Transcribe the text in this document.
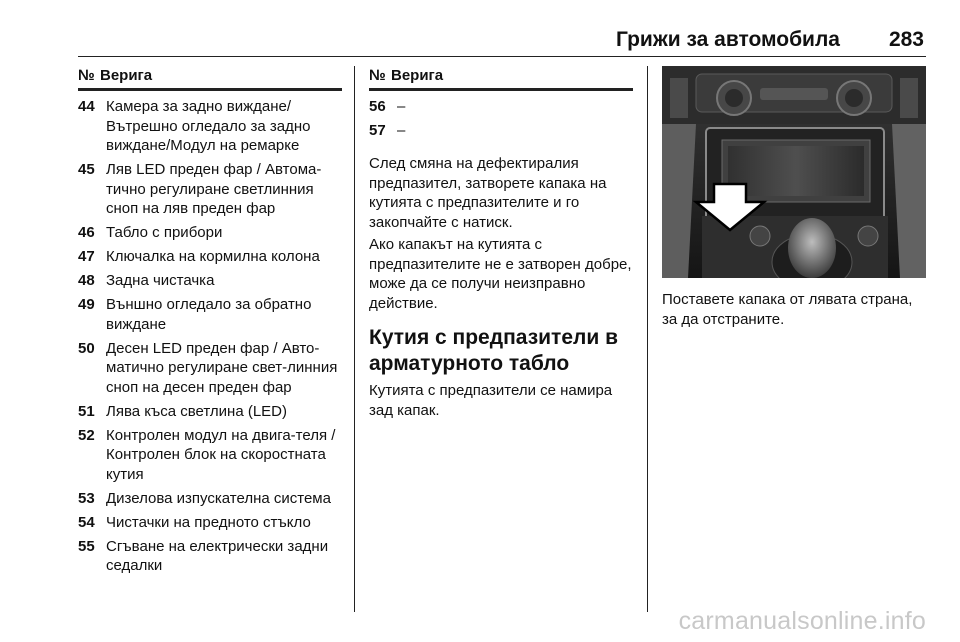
Грижи за автомобила 283
№ Верига
44 Камера за задно виждане/ Вътрешно огледало за задно виждане/Модул на ремарке
45 Ляв LED преден фар / Автома-тично регулиране светлинния сноп на ляв преден фар
46 Табло с прибори
47 Ключалка на кормилна колона
48 Задна чистачка
49 Външно огледало за обратно виждане
50 Десен LED преден фар / Авто-матично регулиране свет-линния сноп на десен преден фар
51 Лява къса светлина (LED)
52 Контролен модул на двига-теля / Контролен блок на скоростната кутия
53 Дизелова изпускателна система
54 Чистачки на предното стъкло
55 Сгъване на електрически задни седалки
№ Верига
56 –
57 –

След смяна на дефектиралия предпазител, затворете капака на кутията с предпазителите и го закопчайте с натиск.

Ако капакът на кутията с предпазителите не е затворен добре, може да се получи неизправно действие.

Кутия с предпазители в арматурното табло

Кутията с предпазители се намира зад капак.

Поставете капака от лявата страна, за да отстраните.
carmanualsonline.info
